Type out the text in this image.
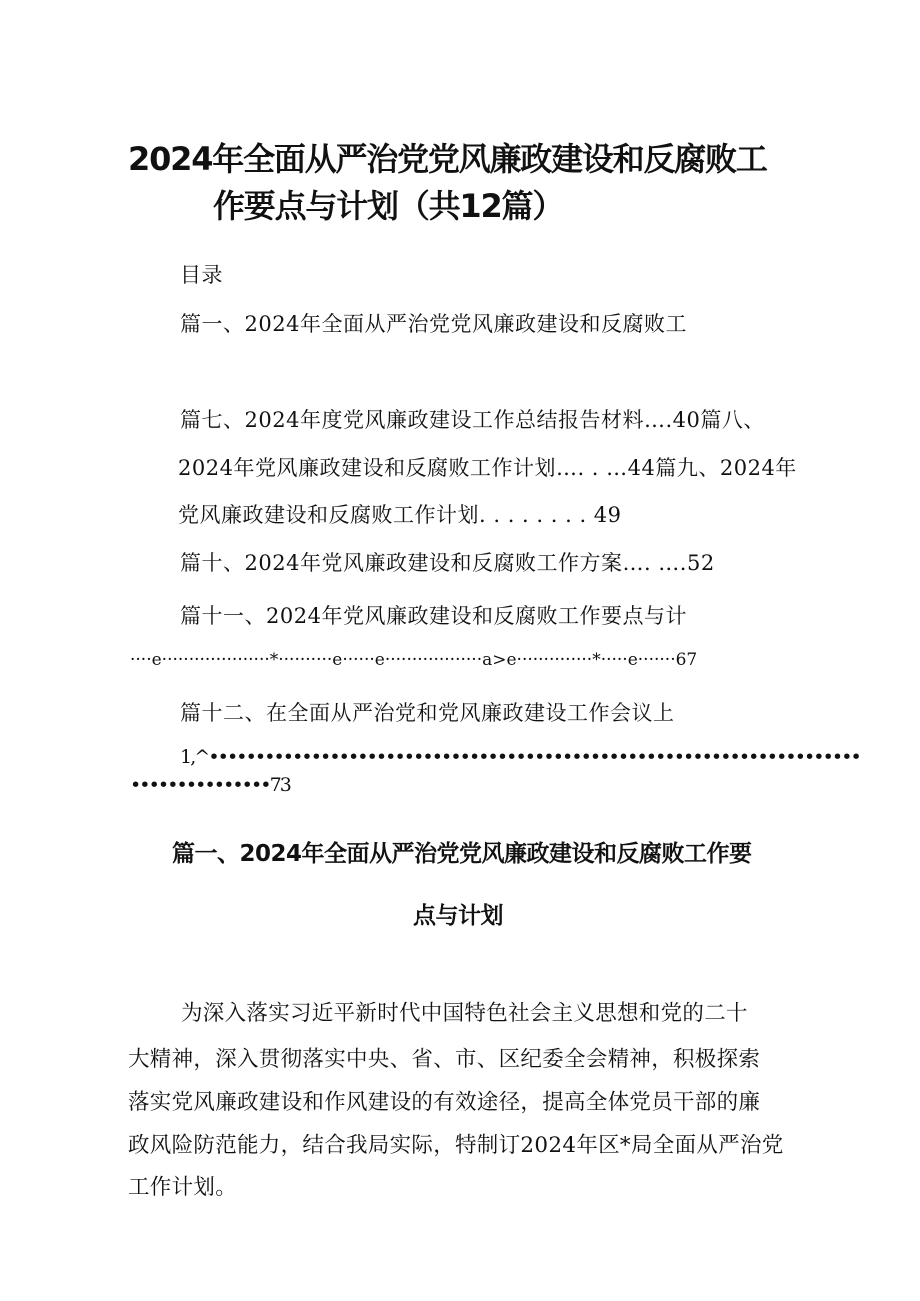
2024年全面从严治党党风廉政建设和反腐败工
作要点与计划（共12篇）
目录
篇一、2024年全面从严治党党风廉政建设和反腐败工
篇七、2024年度党风廉政建设工作总结报告材料….40篇八、
2024年党风廉政建设和反腐败工作计划…. . …44篇九、2024年
党风廉政建设和反腐败工作计划. . . . . . . . 49
篇十、2024年党风廉政建设和反腐败工作方案…. ….52
篇十一、2024年党风廉政建设和反腐败工作要点与计
····e····················*··········e······e··················a>e··············*·····e·······67
篇十二、在全面从严治党和党风廉政建设工作会议上
1,^••••••••••••••••••••••••••••••••••••••••••••••••••••••••••••••••••••••
•••••••••••••••73
篇一、2024年全面从严治党党风廉政建设和反腐败工作要
点与计划
为深入落实习近平新时代中国特色社会主义思想和党的二十
大精神，深入贯彻落实中央、省、市、区纪委全会精神，积极探索
落实党风廉政建设和作风建设的有效途径，提高全体党员干部的廉
政风险防范能力，结合我局实际，特制订2024年区*局全面从严治党
工作计划。
